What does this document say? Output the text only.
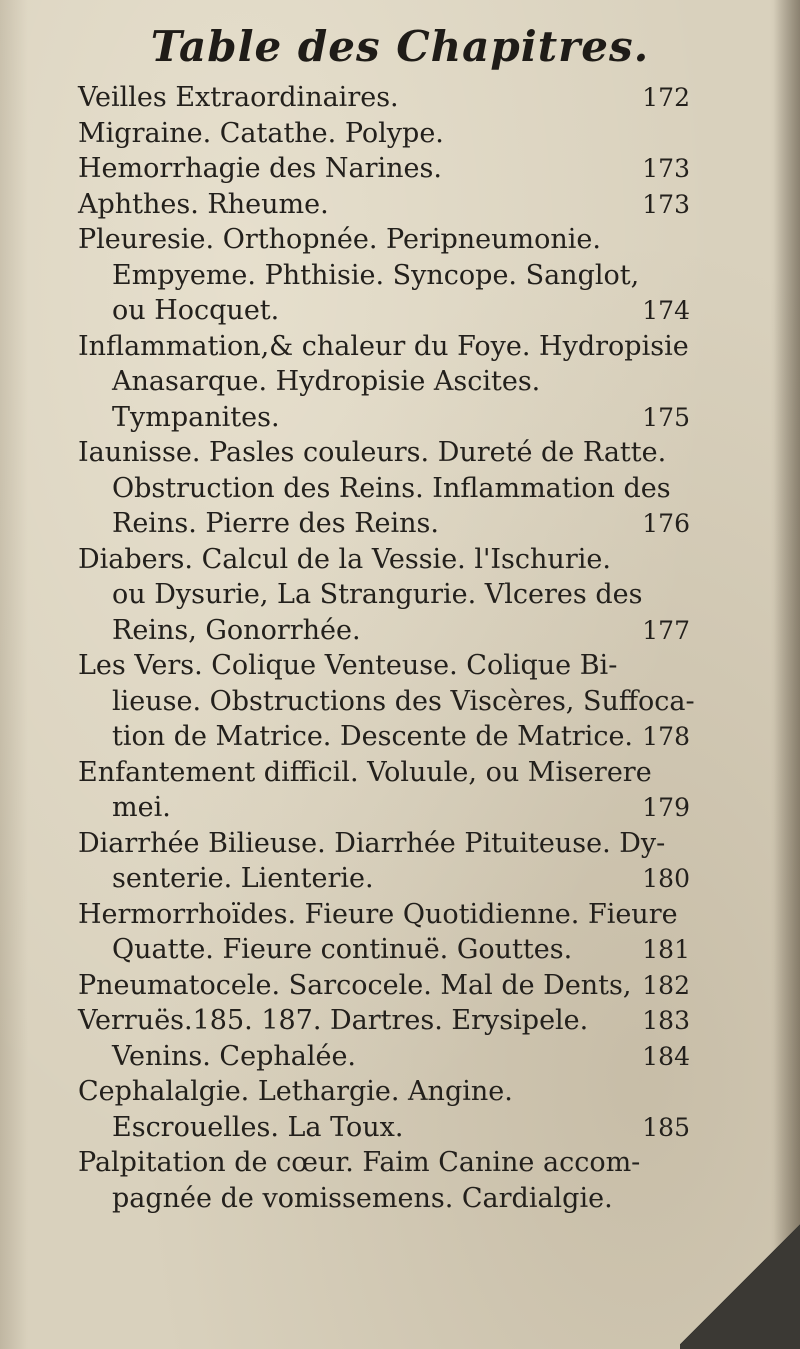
Table des Chapitres.
Veilles Extraordinaires.	172
Migraine. Catathe. Polype.
Hemorrhagie des Narines.	173
Aphthes. Rheume.	173
Pleuresie. Orthopnée. Peripneumonie.
Empyeme. Phthisie. Syncope. Sanglot,
ou Hocquet.	174
Inflammation,& chaleur du Foye. Hydropisie
Anasarque. Hydropisie Ascites.
Tympanites.	175
Iaunisse. Pasles couleurs. Dureté de Ratte.
Obstruction des Reins. Inflammation des
Reins. Pierre des Reins.	176
Diabers. Calcul de la Vessie. l'Ischurie.
ou Dysurie, La Strangurie. Vlceres des
Reins, Gonorrhée.	177
Les Vers. Colique Venteuse. Colique Bi-
lieuse. Obstructions des Viscères, Suffoca-
tion de Matrice. Descente de Matrice. 178
Enfantement difficil. Voluule, ou Miserere
mei.	179
Diarrhée Bilieuse. Diarrhée Pituiteuse. Dy-
senterie. Lienterie.	180
Hermorrhoïdes. Fieure Quotidienne. Fieure
Quatte. Fieure continuë. Gouttes.	181
Pneumatocele. Sarcocele. Mal de Dents, 182
Verruës.185. 187. Dartres. Erysipele. 183
Venins. Cephalée.	184
Cephalalgie. Lethargie. Angine.
Escrouelles. La Toux.	185
Palpitation de cœur. Faim Canine accom-
pagnée de vomissemens. Cardialgie.
